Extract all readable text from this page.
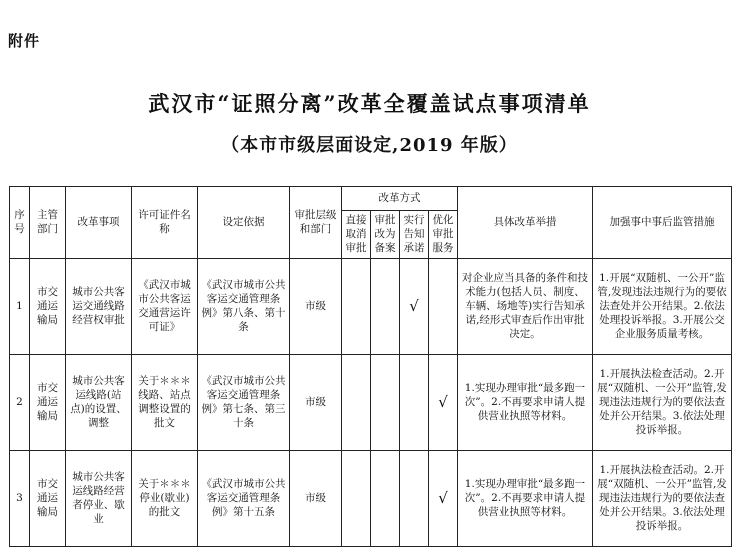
附件
武汉市“证照分离”改革全覆盖试点事项清单
（本市市级层面设定,2019 年版）
序号	主管部门	改革事项	许可证件名称	设定依据	审批层级和部门	改革方式				具体改革举措	加强事中事后监管措施
						直接取消审批	审批改为备案	实行告知承诺	优化审批服务		
1	市交通运输局	城市公共客运交通线路经营权审批	《武汉市城市公共客运交通营运许可证》	《武汉市城市公共客运交通管理条例》第八条、第十条	市级			√		对企业应当具备的条件和技术能力(包括人员、制度、车辆、场地等)实行告知承诺,经形式审查后作出审批决定。	1.开展“双随机、一公开”监管,发现违法违规行为的要依法查处并公开结果。2.依法处理投诉举报。3.开展公交企业服务质量考核。
2	市交通运输局	城市公共客运线路(站点)的设置、调整	关于＊＊＊线路、站点调整设置的批文	《武汉市城市公共客运交通管理条例》第七条、第三十条	市级				√	1.实现办理审批“最多跑一次”。2.不再要求申请人提供营业执照等材料。	1.开展执法检查活动。2.开展“双随机、一公开”监管,发现违法违规行为的要依法查处并公开结果。3.依法处理投诉举报。
3	市交通运输局	城市公共客运线路经营者停业、歇业	关于＊＊＊停业(歇业)的批文	《武汉市城市公共客运交通管理条例》第十五条	市级				√	1.实现办理审批“最多跑一次”。2.不再要求申请人提供营业执照等材料。	1.开展执法检查活动。2.开展“双随机、一公开”监管,发现违法违规行为的要依法查处并公开结果。3.依法处理投诉举报。
